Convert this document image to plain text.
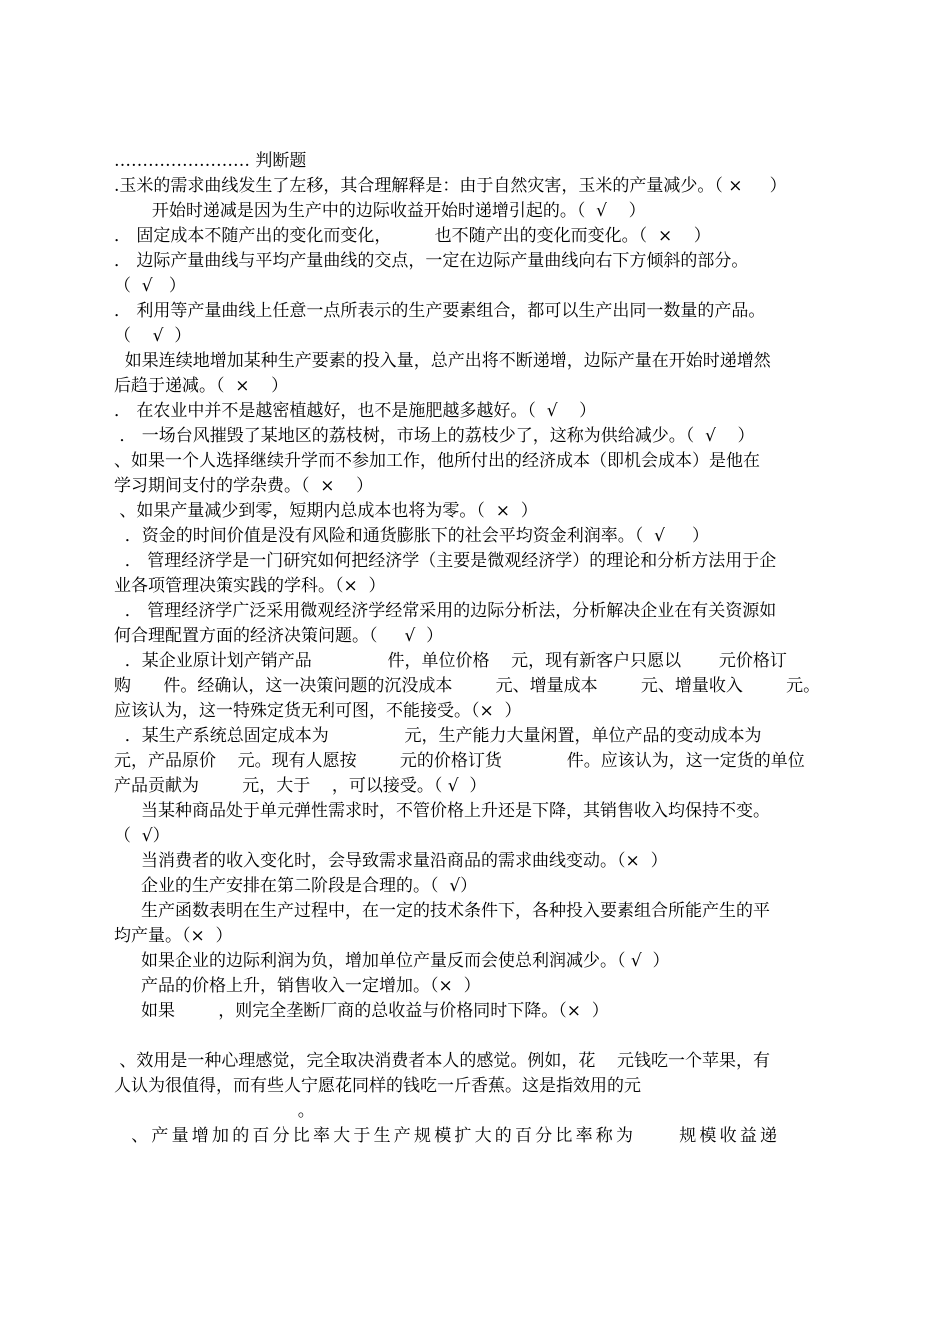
…………………… 判断题
.玉米的需求曲线发生了左移，其合理解释是：由于自然灾害，玉米的产量减少。（ ×     ）
开始时递减是因为生产中的边际收益开始时递增引起的。（  √    ）
． 固定成本不随产出的变化而变化，        也不随产出的变化而变化。（  ×    ）
． 边际产量曲线与平均产量曲线的交点，一定在边际产量曲线向右下方倾斜的部分。
（  √   ）
． 利用等产量曲线上任意一点所表示的生产要素组合，都可以生产出同一数量的产品。
（    √  ）
如果连续地增加某种生产要素的投入量，总产出将不断递增，边际产量在开始时递增然
后趋于递减。（  ×    ）
． 在农业中并不是越密植越好，也不是施肥越多越好。（  √    ）
． 一场台风摧毁了某地区的荔枝树，市场上的荔枝少了，这称为供给减少。（  √    ）
、如果一个人选择继续升学而不参加工作，他所付出的经济成本（即机会成本）是他在
学习期间支付的学杂费。（  ×    ）
、如果产量减少到零，短期内总成本也将为零。（  ×  ）
．资金的时间价值是没有风险和通货膨胀下的社会平均资金利润率。（  √     ）
． 管理经济学是一门研究如何把经济学（主要是微观经济学）的理论和分析方法用于企
业各项管理决策实践的学科。（×  ）
． 管理经济学广泛采用微观经济学经常采用的边际分析法，分析解决企业在有关资源如
何合理配置方面的经济决策问题。（     √  ）
．某企业原计划产销产品              件，单位价格    元，现有新客户只愿以       元价格订
购      件。经确认，这一决策问题的沉没成本        元、增量成本        元、增量收入        元。
应该认为，这一特殊定货无利可图，不能接受。（×  ）
．某生产系统总固定成本为              元，生产能力大量闲置，单位产品的变动成本为
元，产品原价    元。现有人愿按        元的价格订货            件。应该认为，这一定货的单位
产品贡献为        元，大于    ，可以接受。（ √  ）
当某种商品处于单元弹性需求时，不管价格上升还是下降，其销售收入均保持不变。
（  √）
当消费者的收入变化时，会导致需求量沿商品的需求曲线变动。（×  ）
企业的生产安排在第二阶段是合理的。（  √）
生产函数表明在生产过程中，在一定的技术条件下，各种投入要素组合所能产生的平
均产量。（×  ）
如果企业的边际利润为负，增加单位产量反而会使总利润减少。（ √  ）
产品的价格上升，销售收入一定增加。（×  ）
如果        ，则完全垄断厂商的总收益与价格同时下降。（×  ）
、效用是一种心理感觉，完全取决消费者本人的感觉。例如，花    元钱吃一个苹果，有
人认为很值得，而有些人宁愿花同样的钱吃一斤香蕉。这是指效用的元
。
、产量增加的百分比率大于生产规模扩大的百分比率称为     规模收益递
